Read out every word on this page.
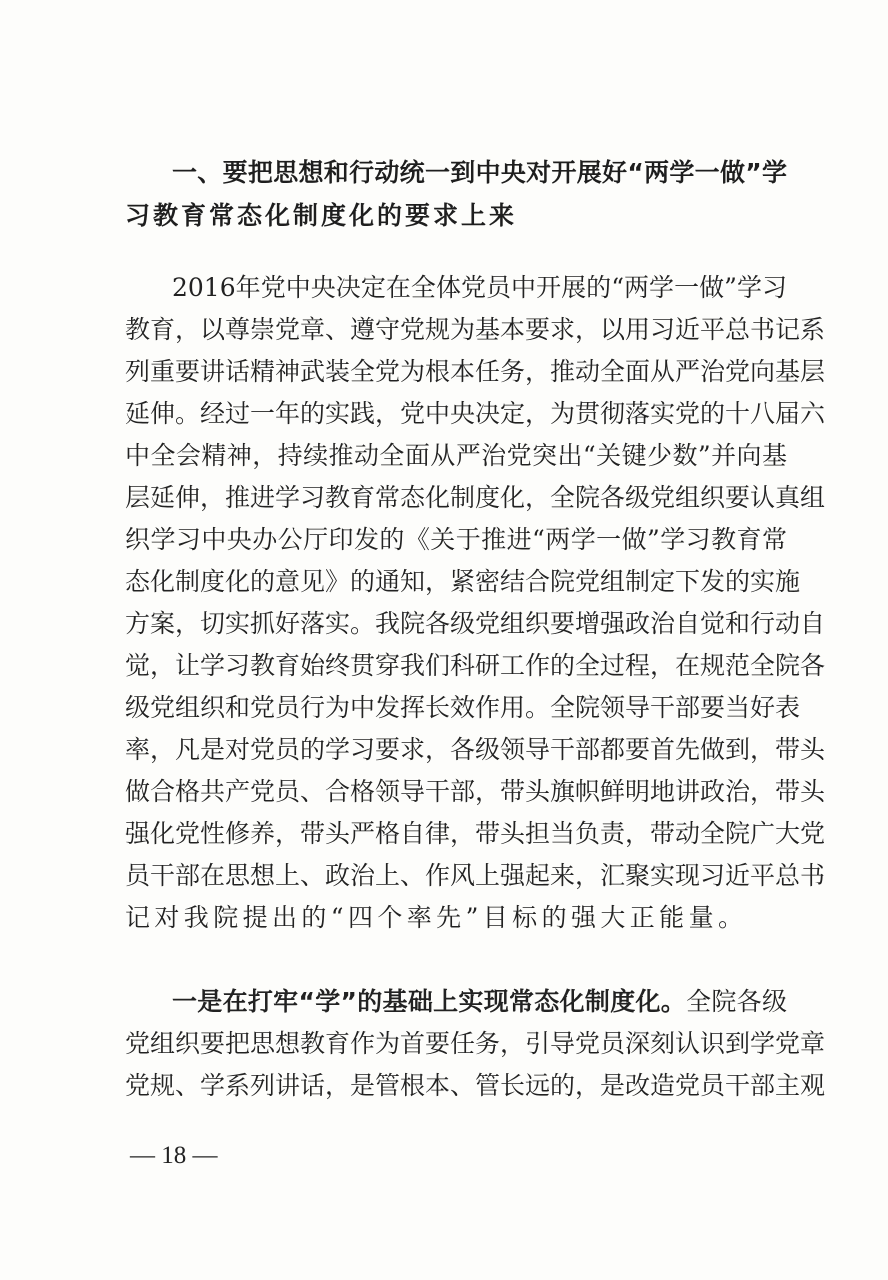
一、要把思想和行动统一到中央对开展好“两学一做”学
习教育常态化制度化的要求上来
2016年党中央决定在全体党员中开展的“两学一做”学习
教育，以尊崇党章、遵守党规为基本要求，以用习近平总书记系
列重要讲话精神武装全党为根本任务，推动全面从严治党向基层
延伸。经过一年的实践，党中央决定，为贯彻落实党的十八届六
中全会精神，持续推动全面从严治党突出“关键少数”并向基
层延伸，推进学习教育常态化制度化，全院各级党组织要认真组
织学习中央办公厅印发的《关于推进“两学一做”学习教育常
态化制度化的意见》的通知，紧密结合院党组制定下发的实施
方案，切实抓好落实。我院各级党组织要增强政治自觉和行动自
觉，让学习教育始终贯穿我们科研工作的全过程，在规范全院各
级党组织和党员行为中发挥长效作用。全院领导干部要当好表
率，凡是对党员的学习要求，各级领导干部都要首先做到，带头
做合格共产党员、合格领导干部，带头旗帜鲜明地讲政治，带头
强化党性修养，带头严格自律，带头担当负责，带动全院广大党
员干部在思想上、政治上、作风上强起来，汇聚实现习近平总书
记对我院提出的“四个率先”目标的强大正能量。
一是在打牢“学”的基础上实现常态化制度化。全院各级
党组织要把思想教育作为首要任务，引导党员深刻认识到学党章
党规、学系列讲话，是管根本、管长远的，是改造党员干部主观
— 18 —
